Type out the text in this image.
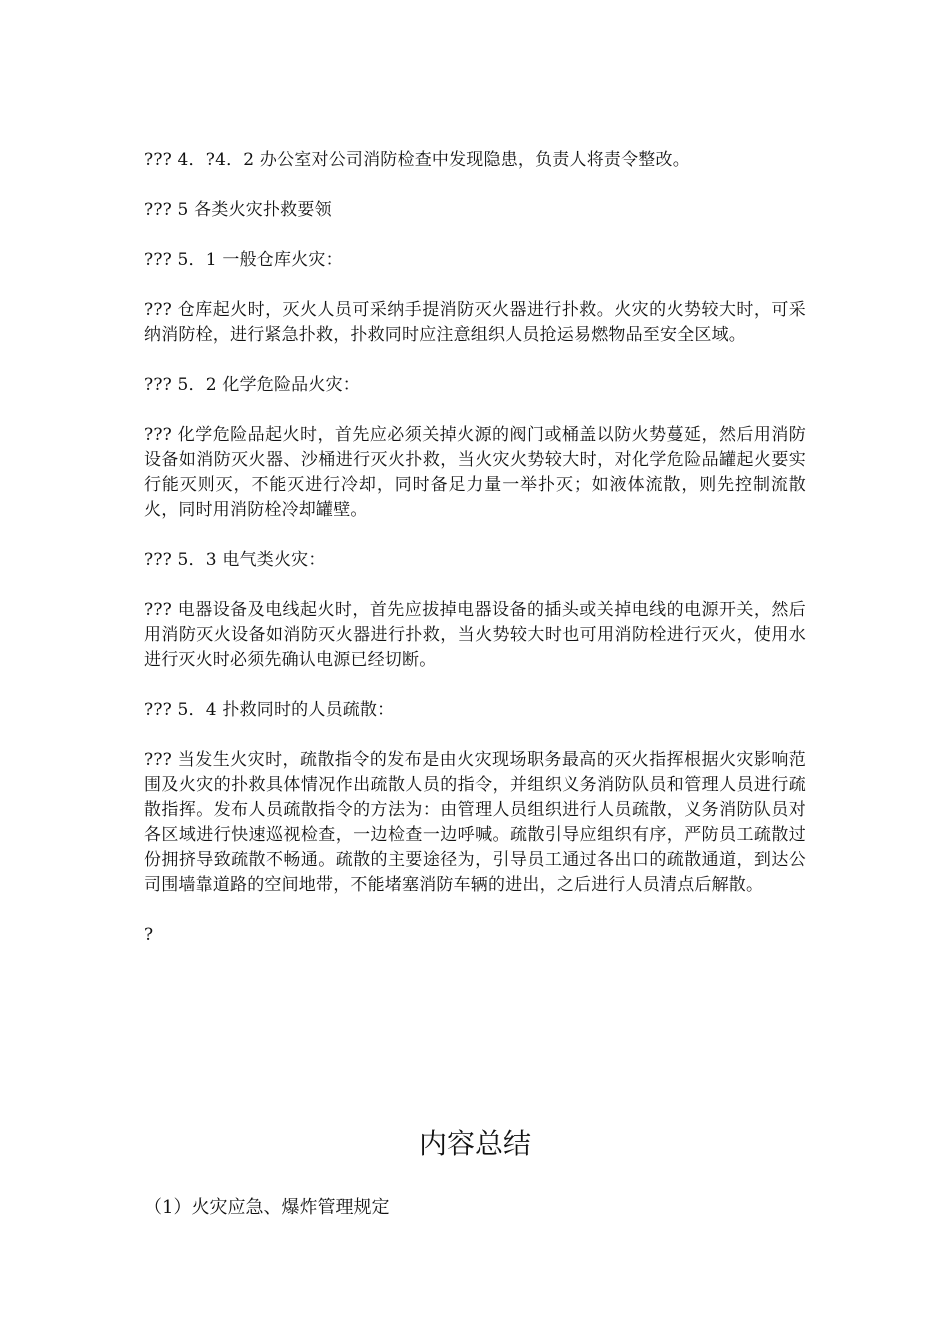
??? 4．?4．2 办公室对公司消防检查中发现隐患，负责人将责令整改。

??? 5 各类火灾扑救要领

??? 5．1 一般仓库火灾：

??? 仓库起火时，灭火人员可采纳手提消防灭火器进行扑救。火灾的火势较大时，可采纳消防栓，进行紧急扑救，扑救同时应注意组织人员抢运易燃物品至安全区域。

??? 5．2 化学危险品火灾：

??? 化学危险品起火时，首先应必须关掉火源的阀门或桶盖以防火势蔓延，然后用消防设备如消防灭火器、沙桶进行灭火扑救，当火灾火势较大时，对化学危险品罐起火要实行能灭则灭，不能灭进行冷却，同时备足力量一举扑灭；如液体流散，则先控制流散火，同时用消防栓冷却罐壁。

??? 5．3 电气类火灾：

??? 电器设备及电线起火时，首先应拔掉电器设备的插头或关掉电线的电源开关，然后用消防灭火设备如消防灭火器进行扑救，当火势较大时也可用消防栓进行灭火，使用水进行灭火时必须先确认电源已经切断。

??? 5．4 扑救同时的人员疏散：

??? 当发生火灾时，疏散指令的发布是由火灾现场职务最高的灭火指挥根据火灾影响范围及火灾的扑救具体情况作出疏散人员的指令，并组织义务消防队员和管理人员进行疏散指挥。发布人员疏散指令的方法为：由管理人员组织进行人员疏散，义务消防队员对各区域进行快速巡视检查，一边检查一边呼喊。疏散引导应组织有序，严防员工疏散过份拥挤导致疏散不畅通。疏散的主要途径为，引导员工通过各出口的疏散通道，到达公司围墙靠道路的空间地带，不能堵塞消防车辆的进出，之后进行人员清点后解散。

?

内容总结

（1）火灾应急、爆炸管理规定
